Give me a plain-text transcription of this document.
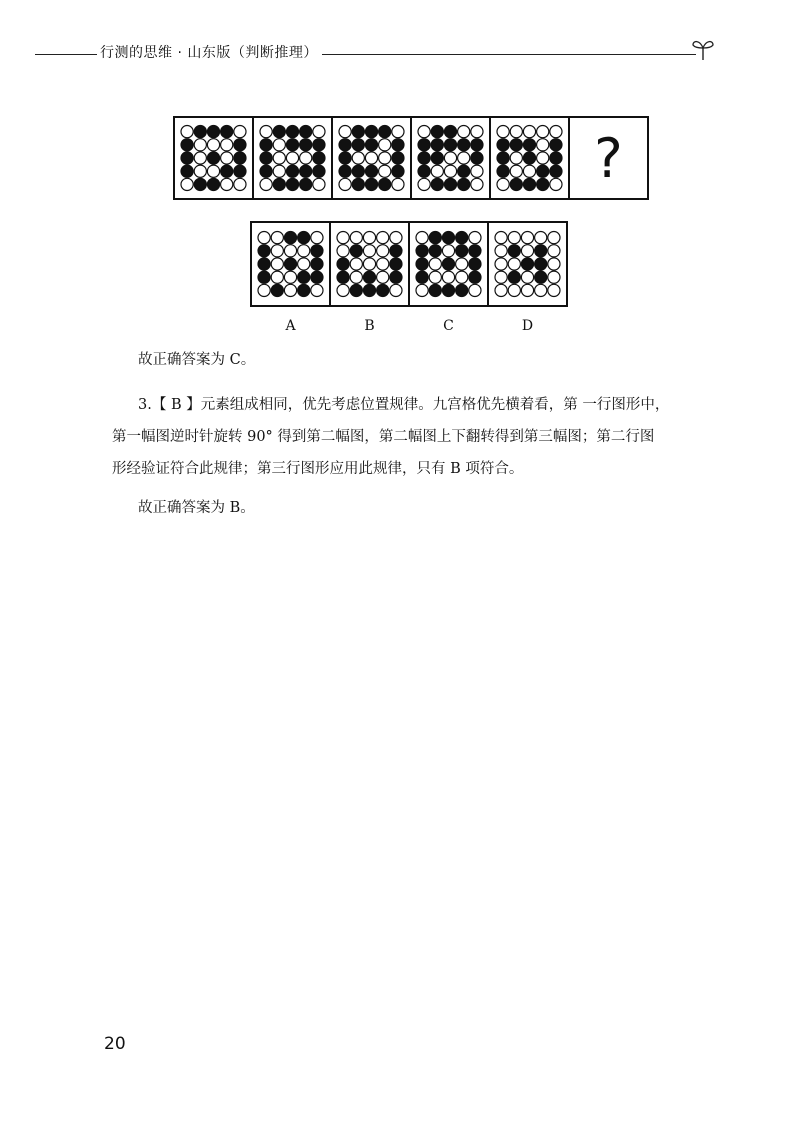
行测的思维 · 山东版（判断推理）
?
A	B	C	D
故正确答案为 C。
3.【 B 】元素组成相同，优先考虑位置规律。九宫格优先横着看，第 一行图形中，
第一幅图逆时针旋转 90° 得到第二幅图，第二幅图上下翻转得到第三幅图；第二行图
形经验证符合此规律；第三行图形应用此规律，只有 B 项符合。
故正确答案为 B。
20
